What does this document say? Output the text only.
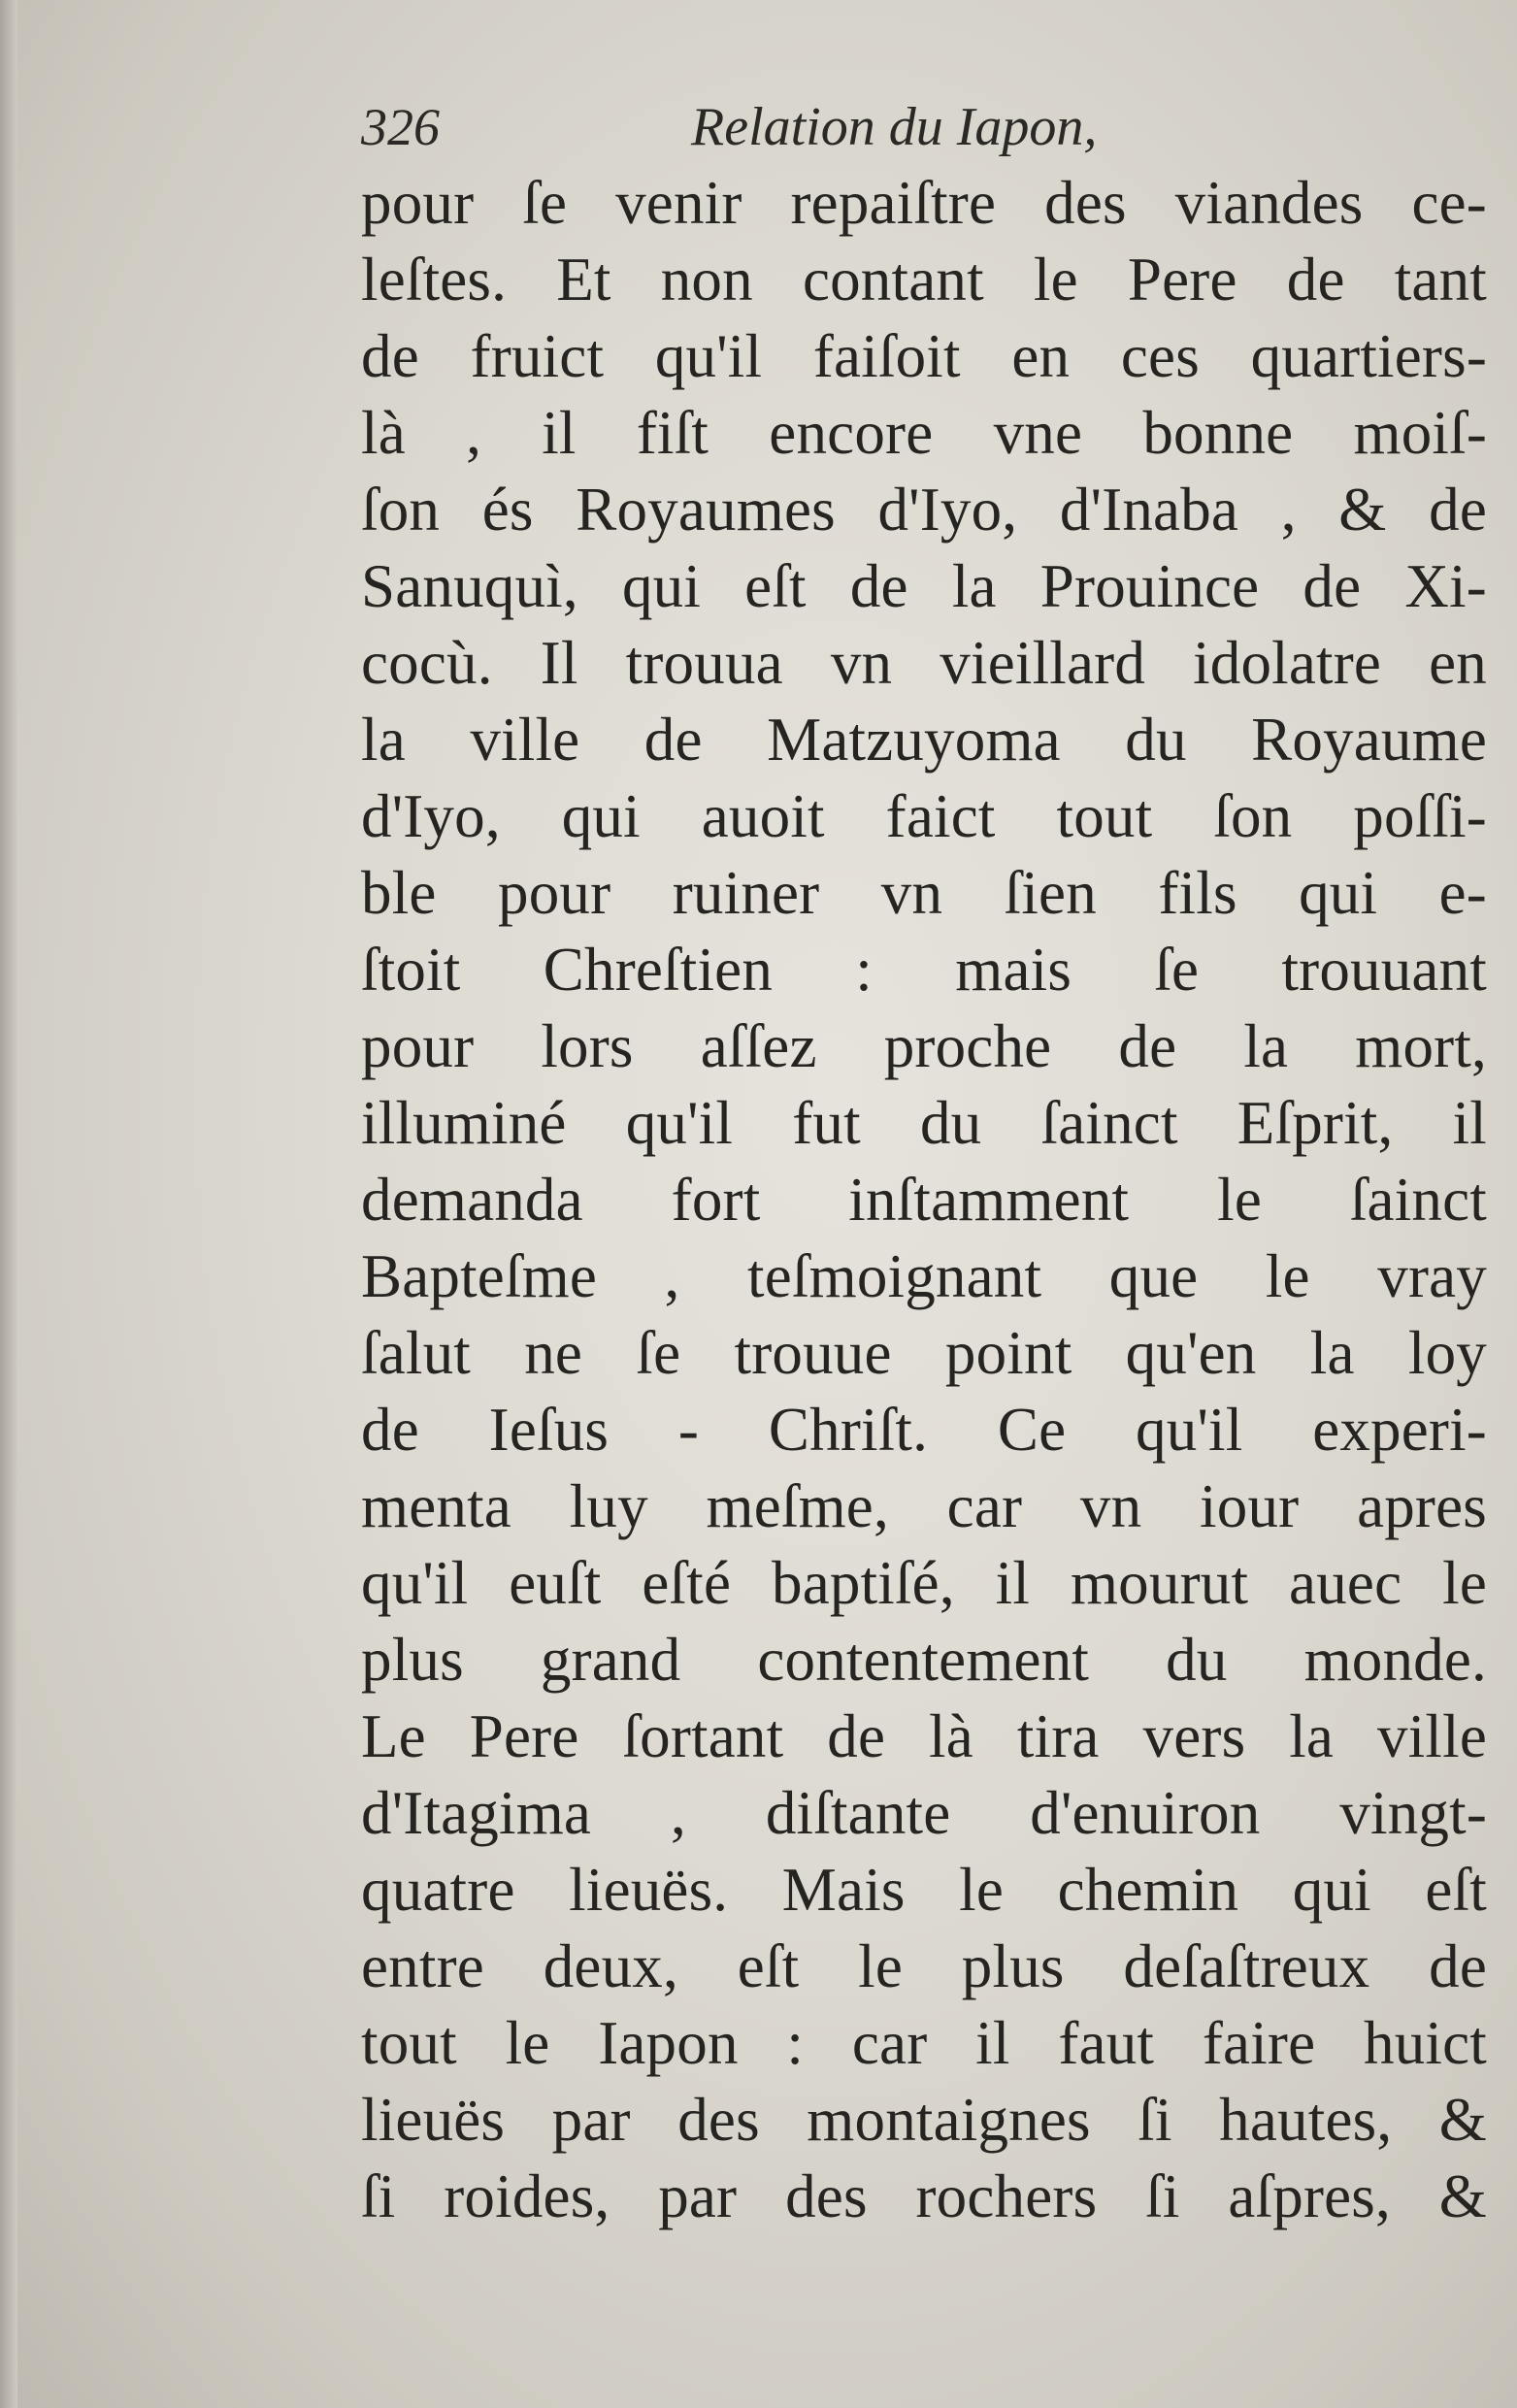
326	Relation du Iapon,
pour ſe venir repaiſtre des viandes ce-
leſtes. Et non contant le Pere de tant
de fruict qu'il faiſoit en ces quartiers-
là , il fiſt encore vne bonne moiſ-
ſon és Royaumes d'Iyo, d'Inaba , & de
Sanuquì, qui eſt de la Prouince de Xi-
cocù. Il trouua vn vieillard idolatre en
la ville de Matzuyoma du Royaume
d'Iyo, qui auoit faict tout ſon poſſi-
ble pour ruiner vn ſien fils qui e-
ſtoit Chreſtien : mais ſe trouuant
pour lors aſſez proche de la mort,
illuminé qu'il fut du ſainct Eſprit, il
demanda fort inſtamment le ſainct
Bapteſme , teſmoignant que le vray
ſalut ne ſe trouue point qu'en la loy
de Ieſus - Chriſt. Ce qu'il experi-
menta luy meſme, car vn iour apres
qu'il euſt eſté baptiſé, il mourut auec le
plus grand contentement du monde.
Le Pere ſortant de là tira vers la ville
d'Itagima , diſtante d'enuiron vingt-
quatre lieuës. Mais le chemin qui eſt
entre deux, eſt le plus deſaſtreux de
tout le Iapon : car il faut faire huict
lieuës par des montaignes ſi hautes, &
ſi roides, par des rochers ſi aſpres, &
